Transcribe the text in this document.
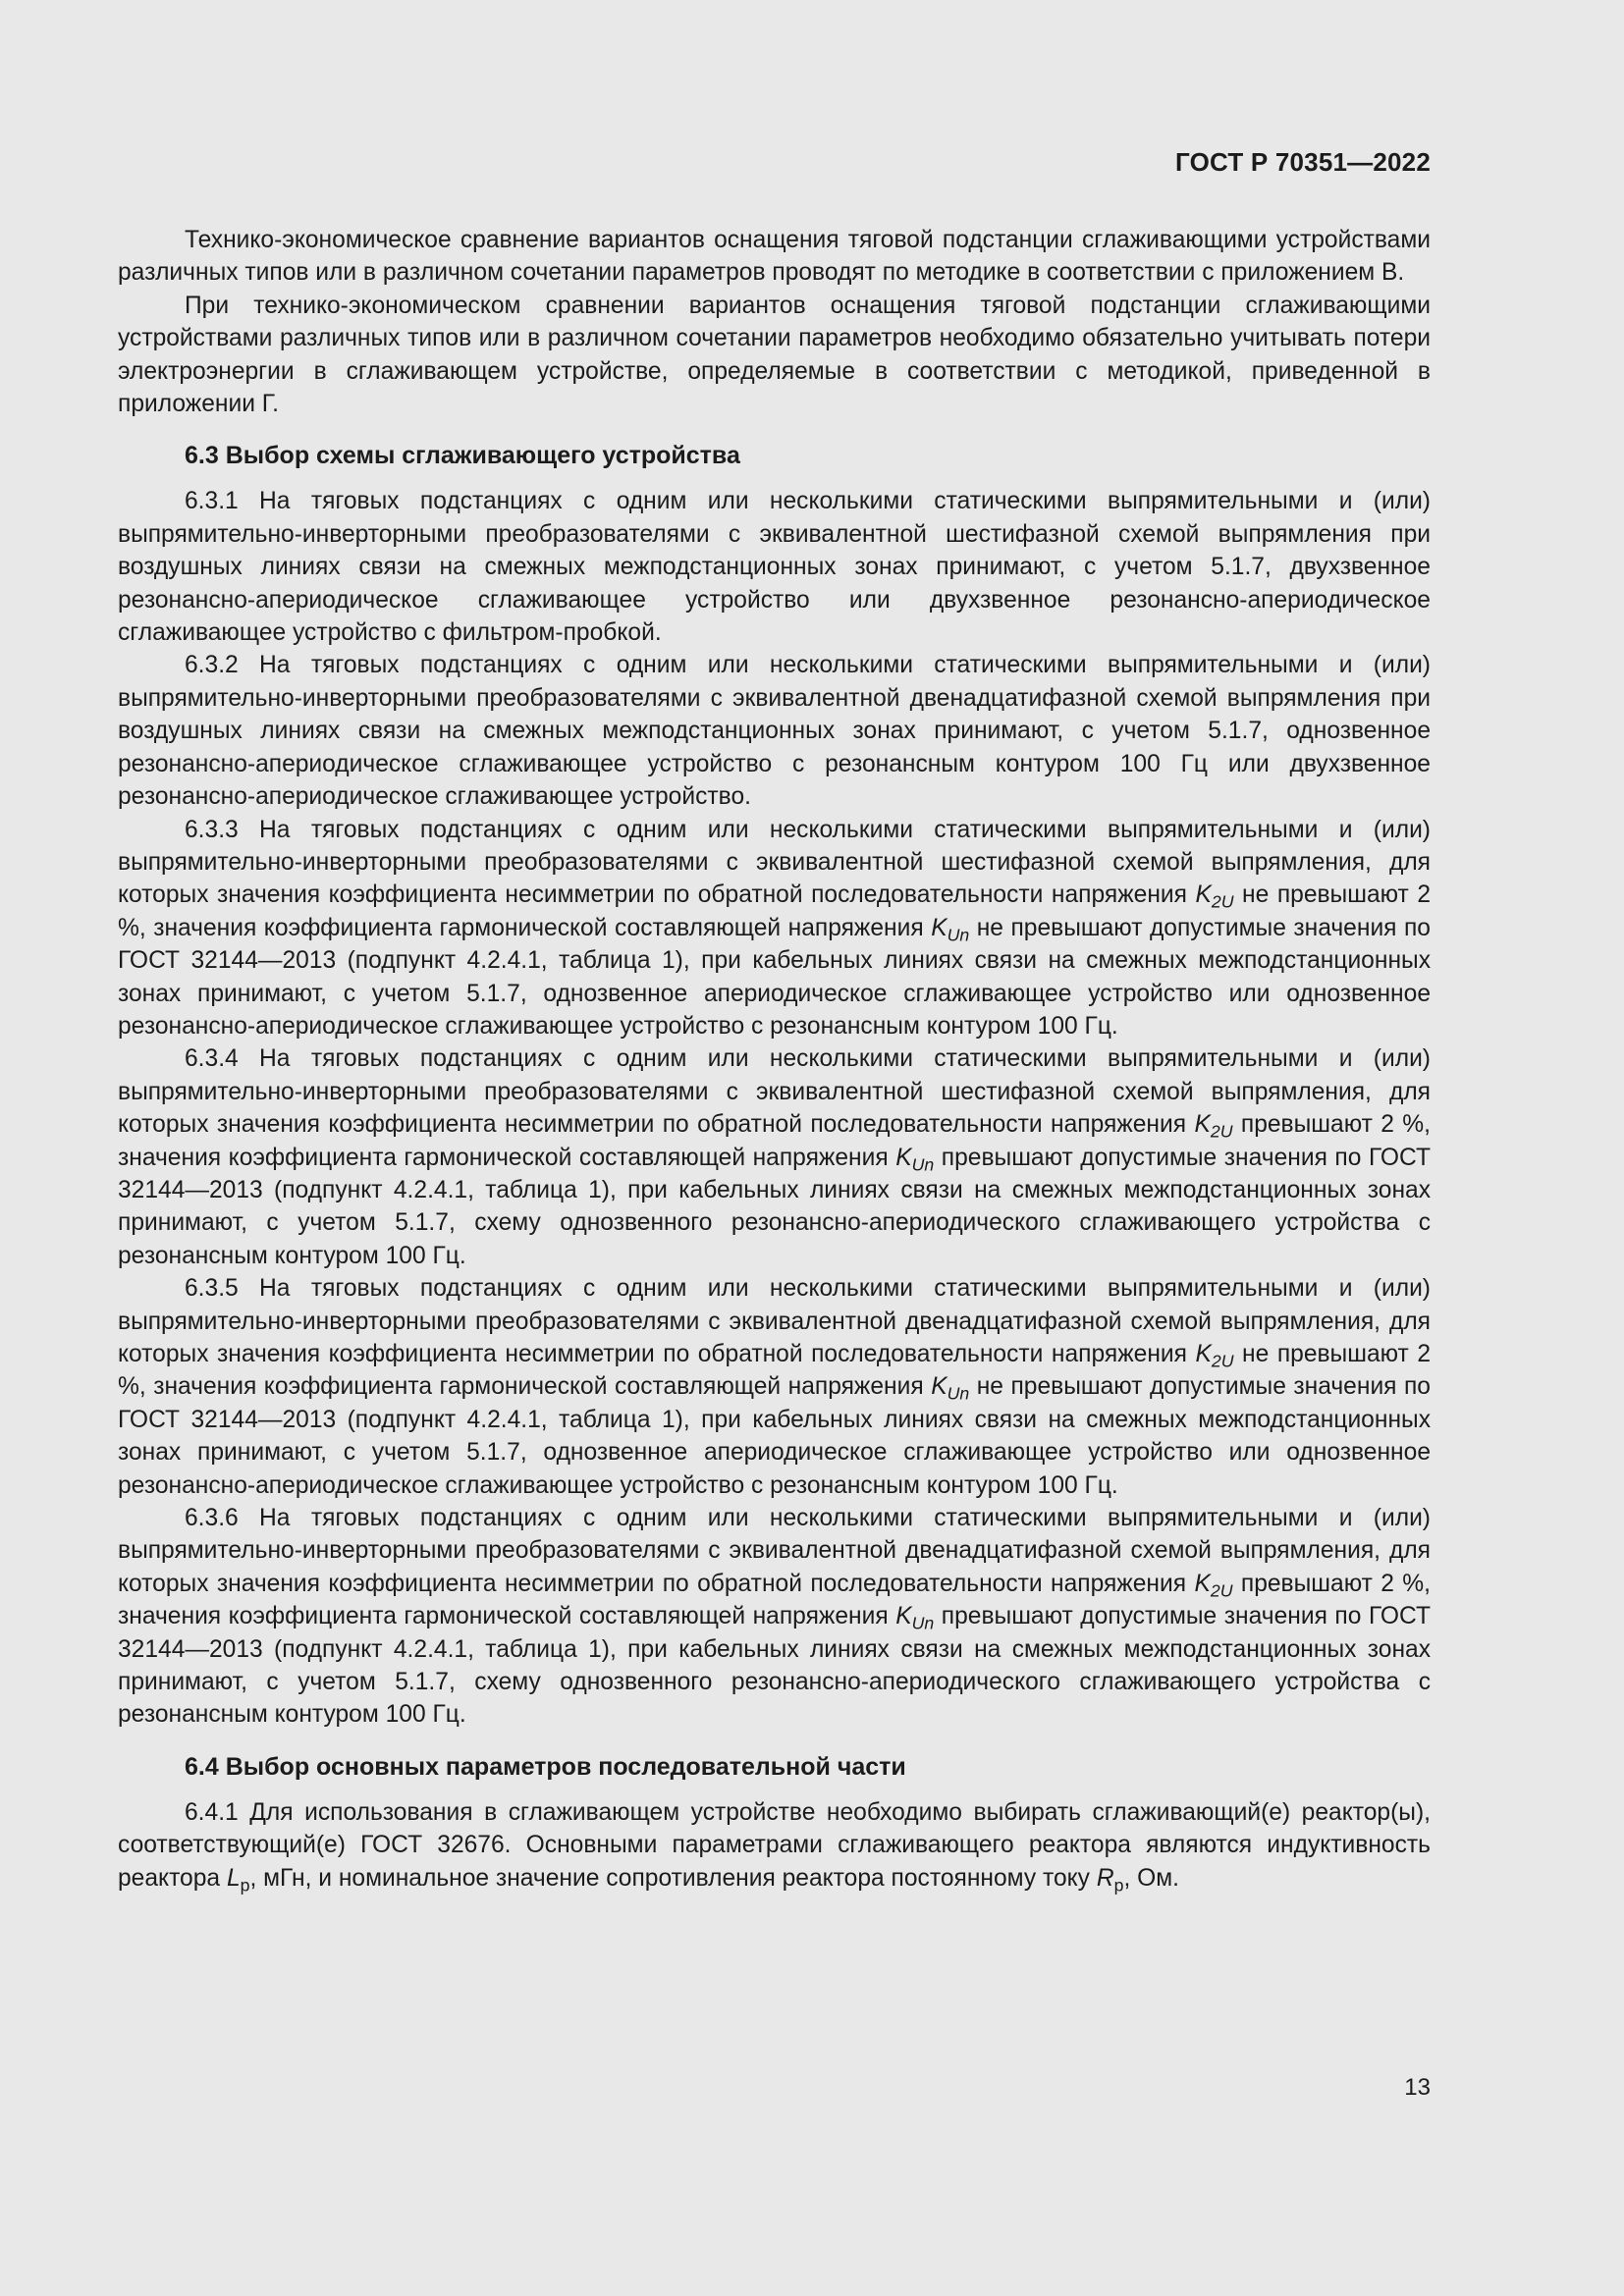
ГОСТ Р 70351—2022

Технико-экономическое сравнение вариантов оснащения тяговой подстанции сглаживающими устройствами различных типов или в различном сочетании параметров проводят по методике в соответствии с приложением В.

При технико-экономическом сравнении вариантов оснащения тяговой подстанции сглаживающими устройствами различных типов или в различном сочетании параметров необходимо обязательно учитывать потери электроэнергии в сглаживающем устройстве, определяемые в соответствии с методикой, приведенной в приложении Г.

6.3 Выбор схемы сглаживающего устройства

6.3.1 На тяговых подстанциях с одним или несколькими статическими выпрямительными и (или) выпрямительно-инверторными преобразователями с эквивалентной шестифазной схемой выпрямления при воздушных линиях связи на смежных межподстанционных зонах принимают, с учетом 5.1.7, двухзвенное резонансно-апериодическое сглаживающее устройство или двухзвенное резонансно-апериодическое сглаживающее устройство с фильтром-пробкой.

6.3.2 На тяговых подстанциях с одним или несколькими статическими выпрямительными и (или) выпрямительно-инверторными преобразователями с эквивалентной двенадцатифазной схемой выпрямления при воздушных линиях связи на смежных межподстанционных зонах принимают, с учетом 5.1.7, однозвенное резонансно-апериодическое сглаживающее устройство с резонансным контуром 100 Гц или двухзвенное резонансно-апериодическое сглаживающее устройство.

6.3.3 На тяговых подстанциях с одним или несколькими статическими выпрямительными и (или) выпрямительно-инверторными преобразователями с эквивалентной шестифазной схемой выпрямления, для которых значения коэффициента несимметрии по обратной последовательности напряжения $K_{2U}$ не превышают 2 %, значения коэффициента гармонической составляющей напряжения $K_{Un}$ не превышают допустимые значения по ГОСТ 32144—2013 (подпункт 4.2.4.1, таблица 1), при кабельных линиях связи на смежных межподстанционных зонах принимают, с учетом 5.1.7, однозвенное апериодическое сглаживающее устройство или однозвенное резонансно-апериодическое сглаживающее устройство с резонансным контуром 100 Гц.

6.3.4 На тяговых подстанциях с одним или несколькими статическими выпрямительными и (или) выпрямительно-инверторными преобразователями с эквивалентной шестифазной схемой выпрямления, для которых значения коэффициента несимметрии по обратной последовательности напряжения $K_{2U}$ превышают 2 %, значения коэффициента гармонической составляющей напряжения $K_{Un}$ превышают допустимые значения по ГОСТ 32144—2013 (подпункт 4.2.4.1, таблица 1), при кабельных линиях связи на смежных межподстанционных зонах принимают, с учетом 5.1.7, схему однозвенного резонансно-апериодического сглаживающего устройства с резонансным контуром 100 Гц.

6.3.5 На тяговых подстанциях с одним или несколькими статическими выпрямительными и (или) выпрямительно-инверторными преобразователями с эквивалентной двенадцатифазной схемой выпрямления, для которых значения коэффициента несимметрии по обратной последовательности напряжения $K_{2U}$ не превышают 2 %, значения коэффициента гармонической составляющей напряжения $K_{Un}$ не превышают допустимые значения по ГОСТ 32144—2013 (подпункт 4.2.4.1, таблица 1), при кабельных линиях связи на смежных межподстанционных зонах принимают, с учетом 5.1.7, однозвенное апериодическое сглаживающее устройство или однозвенное резонансно-апериодическое сглаживающее устройство с резонансным контуром 100 Гц.

6.3.6 На тяговых подстанциях с одним или несколькими статическими выпрямительными и (или) выпрямительно-инверторными преобразователями с эквивалентной двенадцатифазной схемой выпрямления, для которых значения коэффициента несимметрии по обратной последовательности напряжения $K_{2U}$ превышают 2 %, значения коэффициента гармонической составляющей напряжения $K_{Un}$ превышают допустимые значения по ГОСТ 32144—2013 (подпункт 4.2.4.1, таблица 1), при кабельных линиях связи на смежных межподстанционных зонах принимают, с учетом 5.1.7, схему однозвенного резонансно-апериодического сглаживающего устройства с резонансным контуром 100 Гц.

6.4 Выбор основных параметров последовательной части

6.4.1 Для использования в сглаживающем устройстве необходимо выбирать сглаживающий(е) реактор(ы), соответствующий(е) ГОСТ 32676. Основными параметрами сглаживающего реактора являются индуктивность реактора $L_р$, мГн, и номинальное значение сопротивления реактора постоянному току $R_р$, Ом.

13
